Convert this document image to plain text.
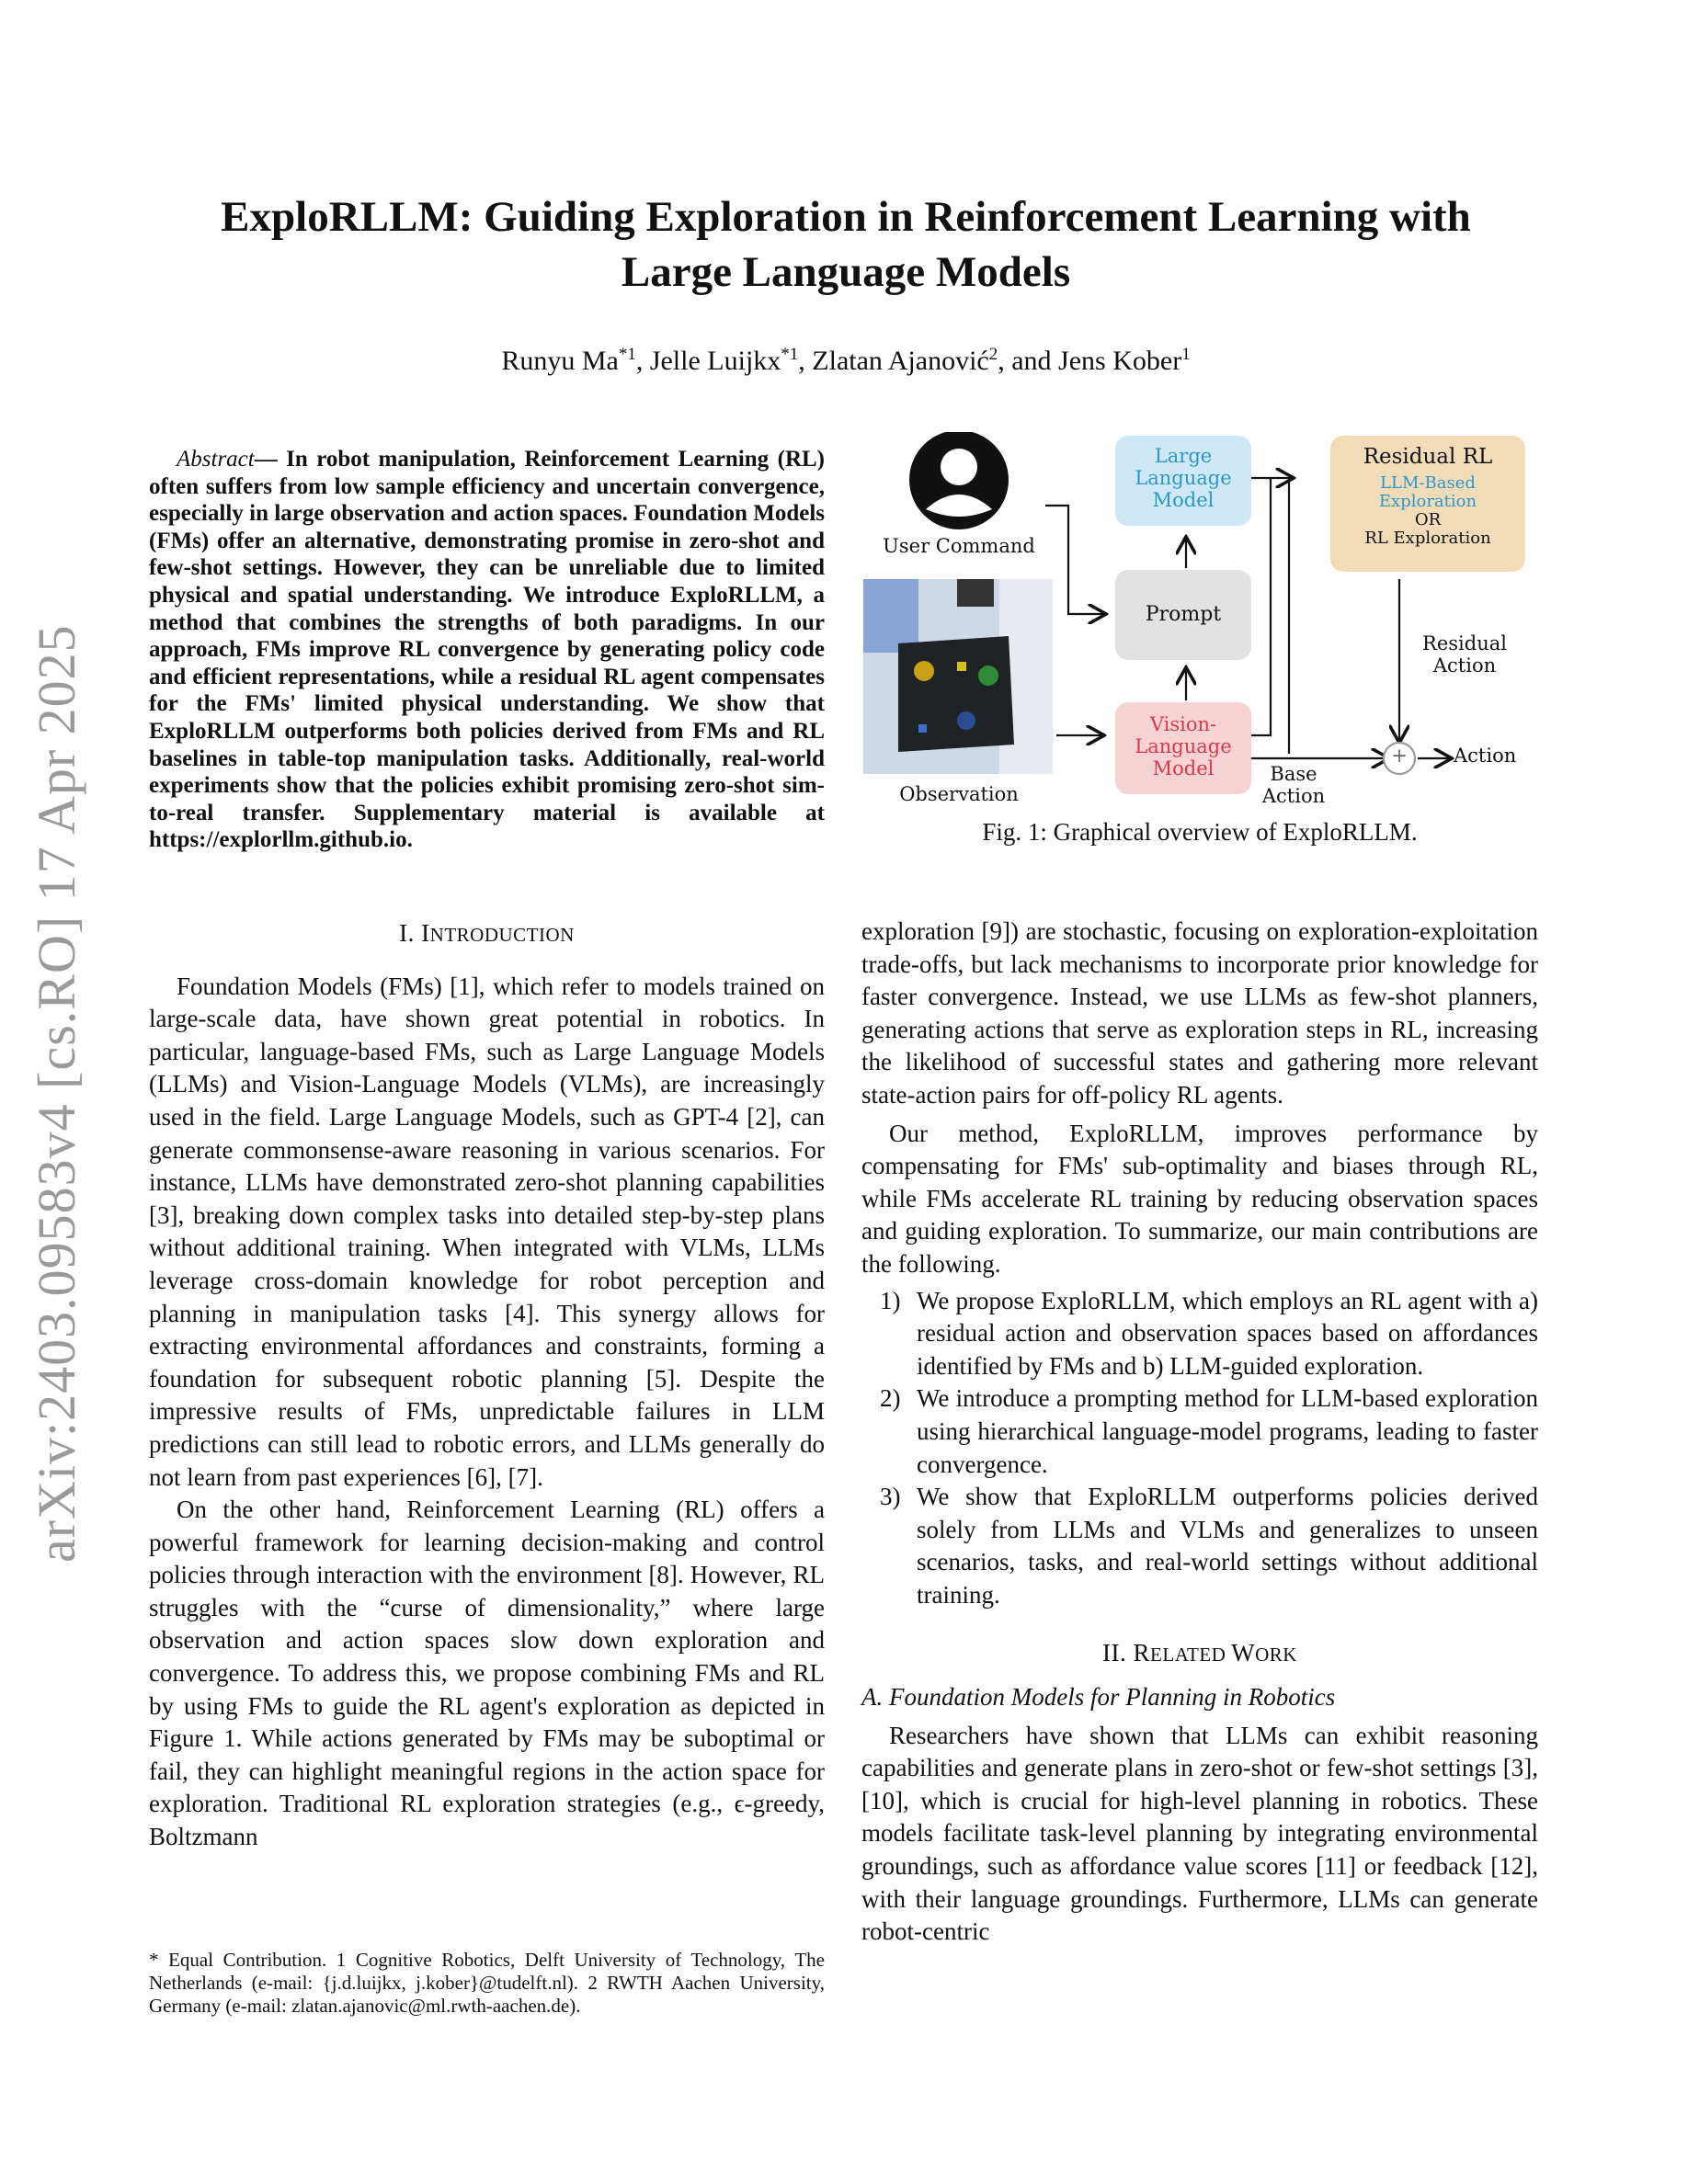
arXiv:2403.09583v4 [cs.RO] 17 Apr 2025
ExploRLLM: Guiding Exploration in Reinforcement Learning with
Large Language Models
Runyu Ma$^{*1}$, Jelle Luijkx$^{*1}$, Zlatan Ajanović$^2$, and Jens Kober$^1$
Abstract— In robot manipulation, Reinforcement Learning (RL) often suffers from low sample efficiency and uncertain convergence, especially in large observation and action spaces. Foundation Models (FMs) offer an alternative, demonstrating promise in zero-shot and few-shot settings. However, they can be unreliable due to limited physical and spatial understanding. We introduce ExploRLLM, a method that combines the strengths of both paradigms. In our approach, FMs improve RL convergence by generating policy code and efficient representations, while a residual RL agent compensates for the FMs' limited physical understanding. We show that ExploRLLM outperforms both policies derived from FMs and RL baselines in table-top manipulation tasks. Additionally, real-world experiments show that the policies exhibit promising zero-shot sim-to-real transfer. Supplementary material is available at https://explorllm.github.io.
User Command
Observation
Large Language Model
Prompt
Vision-Language Model
Residual RL
LLM-Based Exploration
OR
RL Exploration
Residual Action
Base Action
Action
+
Fig. 1: Graphical overview of ExploRLLM.
I. INTRODUCTION

Foundation Models (FMs) [1], which refer to models trained on large-scale data, have shown great potential in robotics. In particular, language-based FMs, such as Large Language Models (LLMs) and Vision-Language Models (VLMs), are increasingly used in the field. Large Language Models, such as GPT-4 [2], can generate commonsense-aware reasoning in various scenarios. For instance, LLMs have demonstrated zero-shot planning capabilities [3], breaking down complex tasks into detailed step-by-step plans without additional training. When integrated with VLMs, LLMs leverage cross-domain knowledge for robot perception and planning in manipulation tasks [4]. This synergy allows for extracting environmental affordances and constraints, forming a foundation for subsequent robotic planning [5]. Despite the impressive results of FMs, unpredictable failures in LLM predictions can still lead to robotic errors, and LLMs generally do not learn from past experiences [6], [7].

On the other hand, Reinforcement Learning (RL) offers a powerful framework for learning decision-making and control policies through interaction with the environment [8]. However, RL struggles with the “curse of dimensionality,” where large observation and action spaces slow down exploration and convergence. To address this, we propose combining FMs and RL by using FMs to guide the RL agent's exploration as depicted in Figure 1. While actions generated by FMs may be suboptimal or fail, they can highlight meaningful regions in the action space for exploration. Traditional RL exploration strategies (e.g., ϵ-greedy, Boltzmann

* Equal Contribution. 1 Cognitive Robotics, Delft University of Technology, The Netherlands (e-mail: {j.d.luijkx, j.kober}@tudelft.nl). 2 RWTH Aachen University, Germany (e-mail: zlatan.ajanovic@ml.rwth-aachen.de).

exploration [9]) are stochastic, focusing on exploration-exploitation trade-offs, but lack mechanisms to incorporate prior knowledge for faster convergence. Instead, we use LLMs as few-shot planners, generating actions that serve as exploration steps in RL, increasing the likelihood of successful states and gathering more relevant state-action pairs for off-policy RL agents.

Our method, ExploRLLM, improves performance by compensating for FMs' sub-optimality and biases through RL, while FMs accelerate RL training by reducing observation spaces and guiding exploration. To summarize, our main contributions are the following.

1) We propose ExploRLLM, which employs an RL agent with a) residual action and observation spaces based on affordances identified by FMs and b) LLM-guided exploration.
2) We introduce a prompting method for LLM-based exploration using hierarchical language-model programs, leading to faster convergence.
3) We show that ExploRLLM outperforms policies derived solely from LLMs and VLMs and generalizes to unseen scenarios, tasks, and real-world settings without additional training.
II. RELATED WORK

A. Foundation Models for Planning in Robotics

Researchers have shown that LLMs can exhibit reasoning capabilities and generate plans in zero-shot or few-shot settings [3], [10], which is crucial for high-level planning in robotics. These models facilitate task-level planning by integrating environmental groundings, such as affordance value scores [11] or feedback [12], with their language groundings. Furthermore, LLMs can generate robot-centric
